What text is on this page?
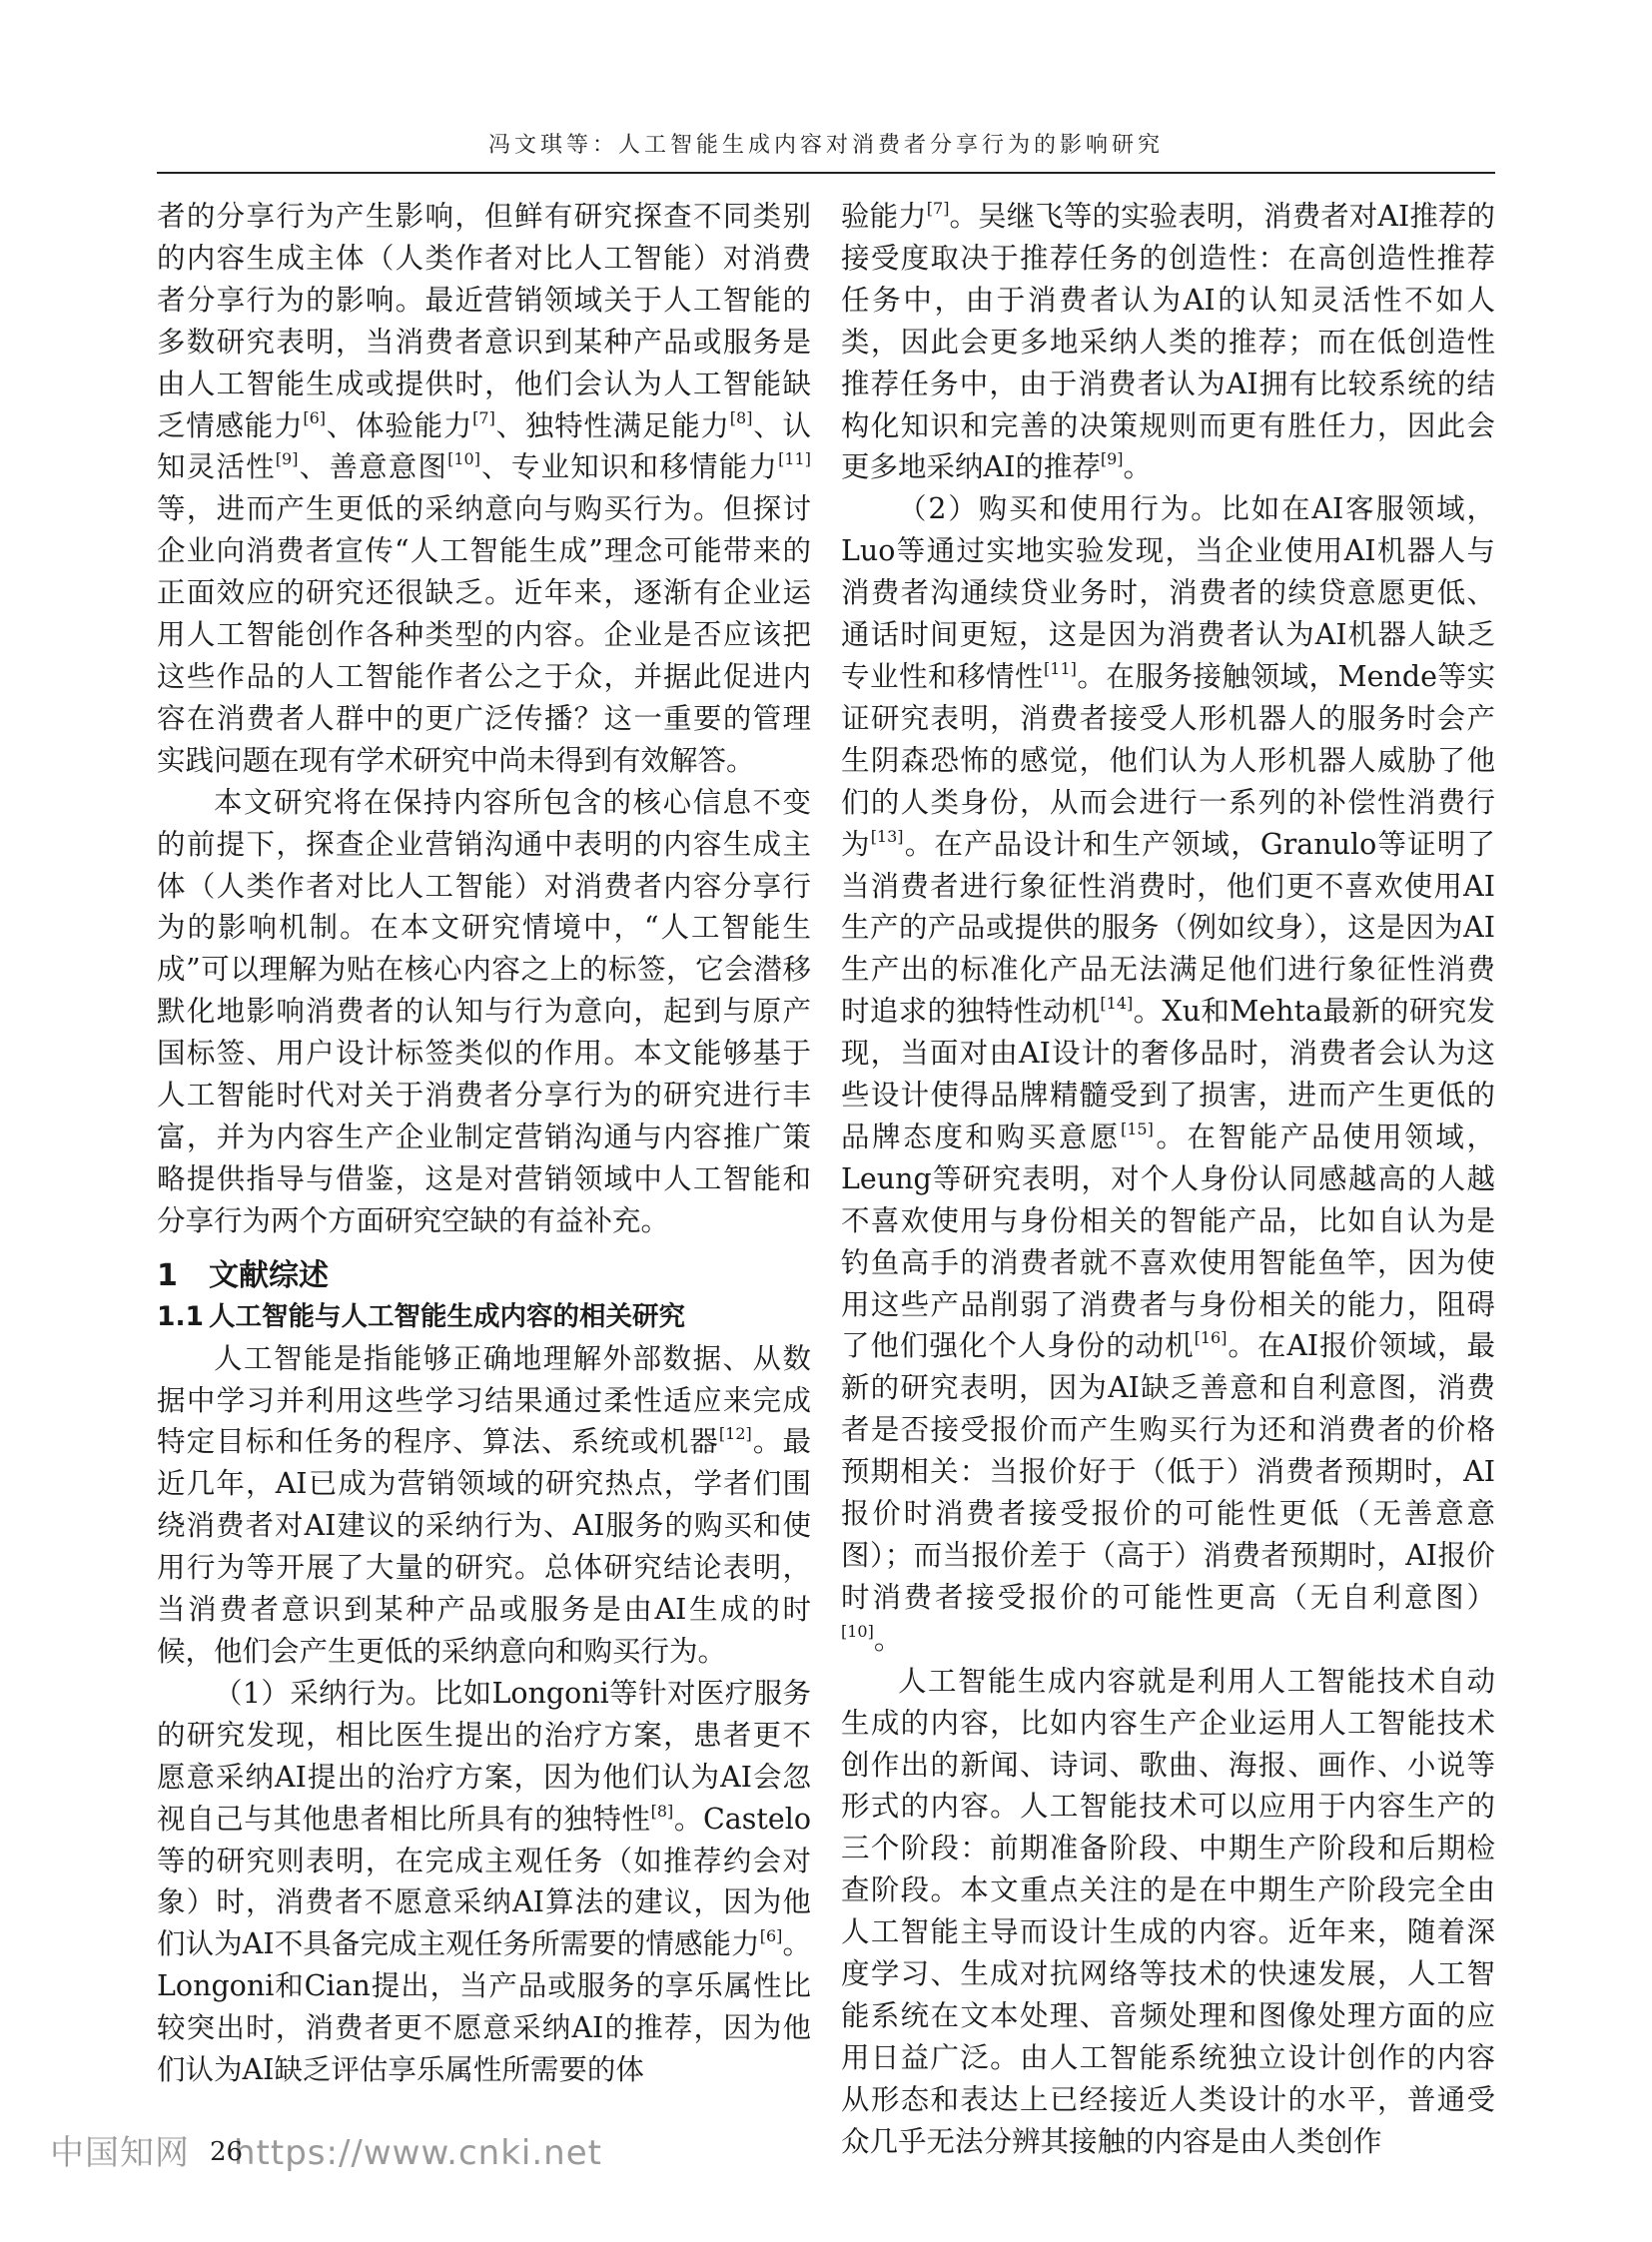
冯文琪等：人工智能生成内容对消费者分享行为的影响研究

者的分享行为产生影响，但鲜有研究探查不同类别的内容生成主体（人类作者对比人工智能）对消费者分享行为的影响。最近营销领域关于人工智能的多数研究表明，当消费者意识到某种产品或服务是由人工智能生成或提供时，他们会认为人工智能缺乏情感能力[6]、体验能力[7]、独特性满足能力[8]、认知灵活性[9]、善意意图[10]、专业知识和移情能力[11]等，进而产生更低的采纳意向与购买行为。但探讨企业向消费者宣传“人工智能生成”理念可能带来的正面效应的研究还很缺乏。近年来，逐渐有企业运用人工智能创作各种类型的内容。企业是否应该把这些作品的人工智能作者公之于众，并据此促进内容在消费者人群中的更广泛传播？这一重要的管理实践问题在现有学术研究中尚未得到有效解答。

本文研究将在保持内容所包含的核心信息不变的前提下，探查企业营销沟通中表明的内容生成主体（人类作者对比人工智能）对消费者内容分享行为的影响机制。在本文研究情境中，“人工智能生成”可以理解为贴在核心内容之上的标签，它会潜移默化地影响消费者的认知与行为意向，起到与原产国标签、用户设计标签类似的作用。本文能够基于人工智能时代对关于消费者分享行为的研究进行丰富，并为内容生产企业制定营销沟通与内容推广策略提供指导与借鉴，这是对营销领域中人工智能和分享行为两个方面研究空缺的有益补充。

1 文献综述
1.1 人工智能与人工智能生成内容的相关研究

人工智能是指能够正确地理解外部数据、从数据中学习并利用这些学习结果通过柔性适应来完成特定目标和任务的程序、算法、系统或机器[12]。最近几年，AI已成为营销领域的研究热点，学者们围绕消费者对AI建议的采纳行为、AI服务的购买和使用行为等开展了大量的研究。总体研究结论表明，当消费者意识到某种产品或服务是由AI生成的时候，他们会产生更低的采纳意向和购买行为。

（1）采纳行为。比如Longoni等针对医疗服务的研究发现，相比医生提出的治疗方案，患者更不愿意采纳AI提出的治疗方案，因为他们认为AI会忽视自己与其他患者相比所具有的独特性[8]。Castelo等的研究则表明，在完成主观任务（如推荐约会对象）时，消费者不愿意采纳AI算法的建议，因为他们认为AI不具备完成主观任务所需要的情感能力[6]。Longoni和Cian提出，当产品或服务的享乐属性比较突出时，消费者更不愿意采纳AI的推荐，因为他们认为AI缺乏评估享乐属性所需要的体

验能力[7]。吴继飞等的实验表明，消费者对AI推荐的接受度取决于推荐任务的创造性：在高创造性推荐任务中，由于消费者认为AI的认知灵活性不如人类，因此会更多地采纳人类的推荐；而在低创造性推荐任务中，由于消费者认为AI拥有比较系统的结构化知识和完善的决策规则而更有胜任力，因此会更多地采纳AI的推荐[9]。

（2）购买和使用行为。比如在AI客服领域，Luo等通过实地实验发现，当企业使用AI机器人与消费者沟通续贷业务时，消费者的续贷意愿更低、通话时间更短，这是因为消费者认为AI机器人缺乏专业性和移情性[11]。在服务接触领域，Mende等实证研究表明，消费者接受人形机器人的服务时会产生阴森恐怖的感觉，他们认为人形机器人威胁了他们的人类身份，从而会进行一系列的补偿性消费行为[13]。在产品设计和生产领域，Granulo等证明了当消费者进行象征性消费时，他们更不喜欢使用AI生产的产品或提供的服务（例如纹身），这是因为AI生产出的标准化产品无法满足他们进行象征性消费时追求的独特性动机[14]。Xu和Mehta最新的研究发现，当面对由AI设计的奢侈品时，消费者会认为这些设计使得品牌精髓受到了损害，进而产生更低的品牌态度和购买意愿[15]。在智能产品使用领域，Leung等研究表明，对个人身份认同感越高的人越不喜欢使用与身份相关的智能产品，比如自认为是钓鱼高手的消费者就不喜欢使用智能鱼竿，因为使用这些产品削弱了消费者与身份相关的能力，阻碍了他们强化个人身份的动机[16]。在AI报价领域，最新的研究表明，因为AI缺乏善意和自利意图，消费者是否接受报价而产生购买行为还和消费者的价格预期相关：当报价好于（低于）消费者预期时，AI报价时消费者接受报价的可能性更低（无善意意图）；而当报价差于（高于）消费者预期时，AI报价时消费者接受报价的可能性更高（无自利意图）[10]。

人工智能生成内容就是利用人工智能技术自动生成的内容，比如内容生产企业运用人工智能技术创作出的新闻、诗词、歌曲、海报、画作、小说等形式的内容。人工智能技术可以应用于内容生产的三个阶段：前期准备阶段、中期生产阶段和后期检查阶段。本文重点关注的是在中期生产阶段完全由人工智能主导而设计生成的内容。近年来，随着深度学习、生成对抗网络等技术的快速发展，人工智能系统在文本处理、音频处理和图像处理方面的应用日益广泛。由人工智能系统独立设计创作的内容从形态和表达上已经接近人类设计的水平，普通受众几乎无法分辨其接触的内容是由人类创作

中国知网 https://www.cnki.net
26
